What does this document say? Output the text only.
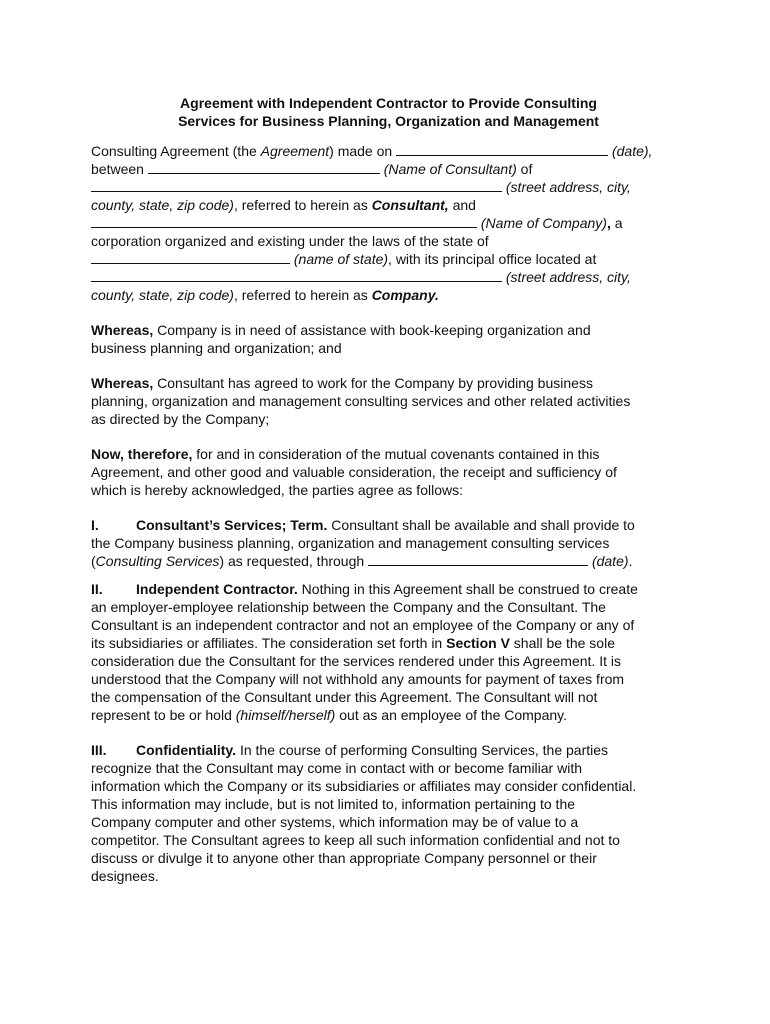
Agreement with Independent Contractor to Provide Consulting
Services for Business Planning, Organization and Management

Consulting Agreement (the Agreement) made on	(date),
between	(Name of Consultant) of
(street address, city,
county, state, zip code), referred to herein as Consultant, and
(Name of Company), a
corporation organized and existing under the laws of the state of
(name of state), with its principal office located at
(street address, city,
county, state, zip code), referred to herein as Company.

Whereas, Company is in need of assistance with book-keeping organization and
business planning and organization; and

Whereas, Consultant has agreed to work for the Company by providing business
planning, organization and management consulting services and other related activities
as directed by the Company;

Now, therefore, for and in consideration of the mutual covenants contained in this
Agreement, and other good and valuable consideration, the receipt and sufficiency of
which is hereby acknowledged, the parties agree as follows:

I.	Consultant’s Services; Term. Consultant shall be available and shall provide to
the Company business planning, organization and management consulting services
(Consulting Services) as requested, through	(date).

II. Independent Contractor. Nothing in this Agreement shall be construed to create
an employer-employee relationship between the Company and the Consultant. The
Consultant is an independent contractor and not an employee of the Company or any of
its subsidiaries or affiliates. The consideration set forth in Section V shall be the sole
consideration due the Consultant for the services rendered under this Agreement. It is
understood that the Company will not withhold any amounts for payment of taxes from
the compensation of the Consultant under this Agreement. The Consultant will not
represent to be or hold (himself/herself) out as an employee of the Company.

III. Confidentiality. In the course of performing Consulting Services, the parties
recognize that the Consultant may come in contact with or become familiar with
information which the Company or its subsidiaries or affiliates may consider confidential.
This information may include, but is not limited to, information pertaining to the
Company computer and other systems, which information may be of value to a
competitor. The Consultant agrees to keep all such information confidential and not to
discuss or divulge it to anyone other than appropriate Company personnel or their
designees.
